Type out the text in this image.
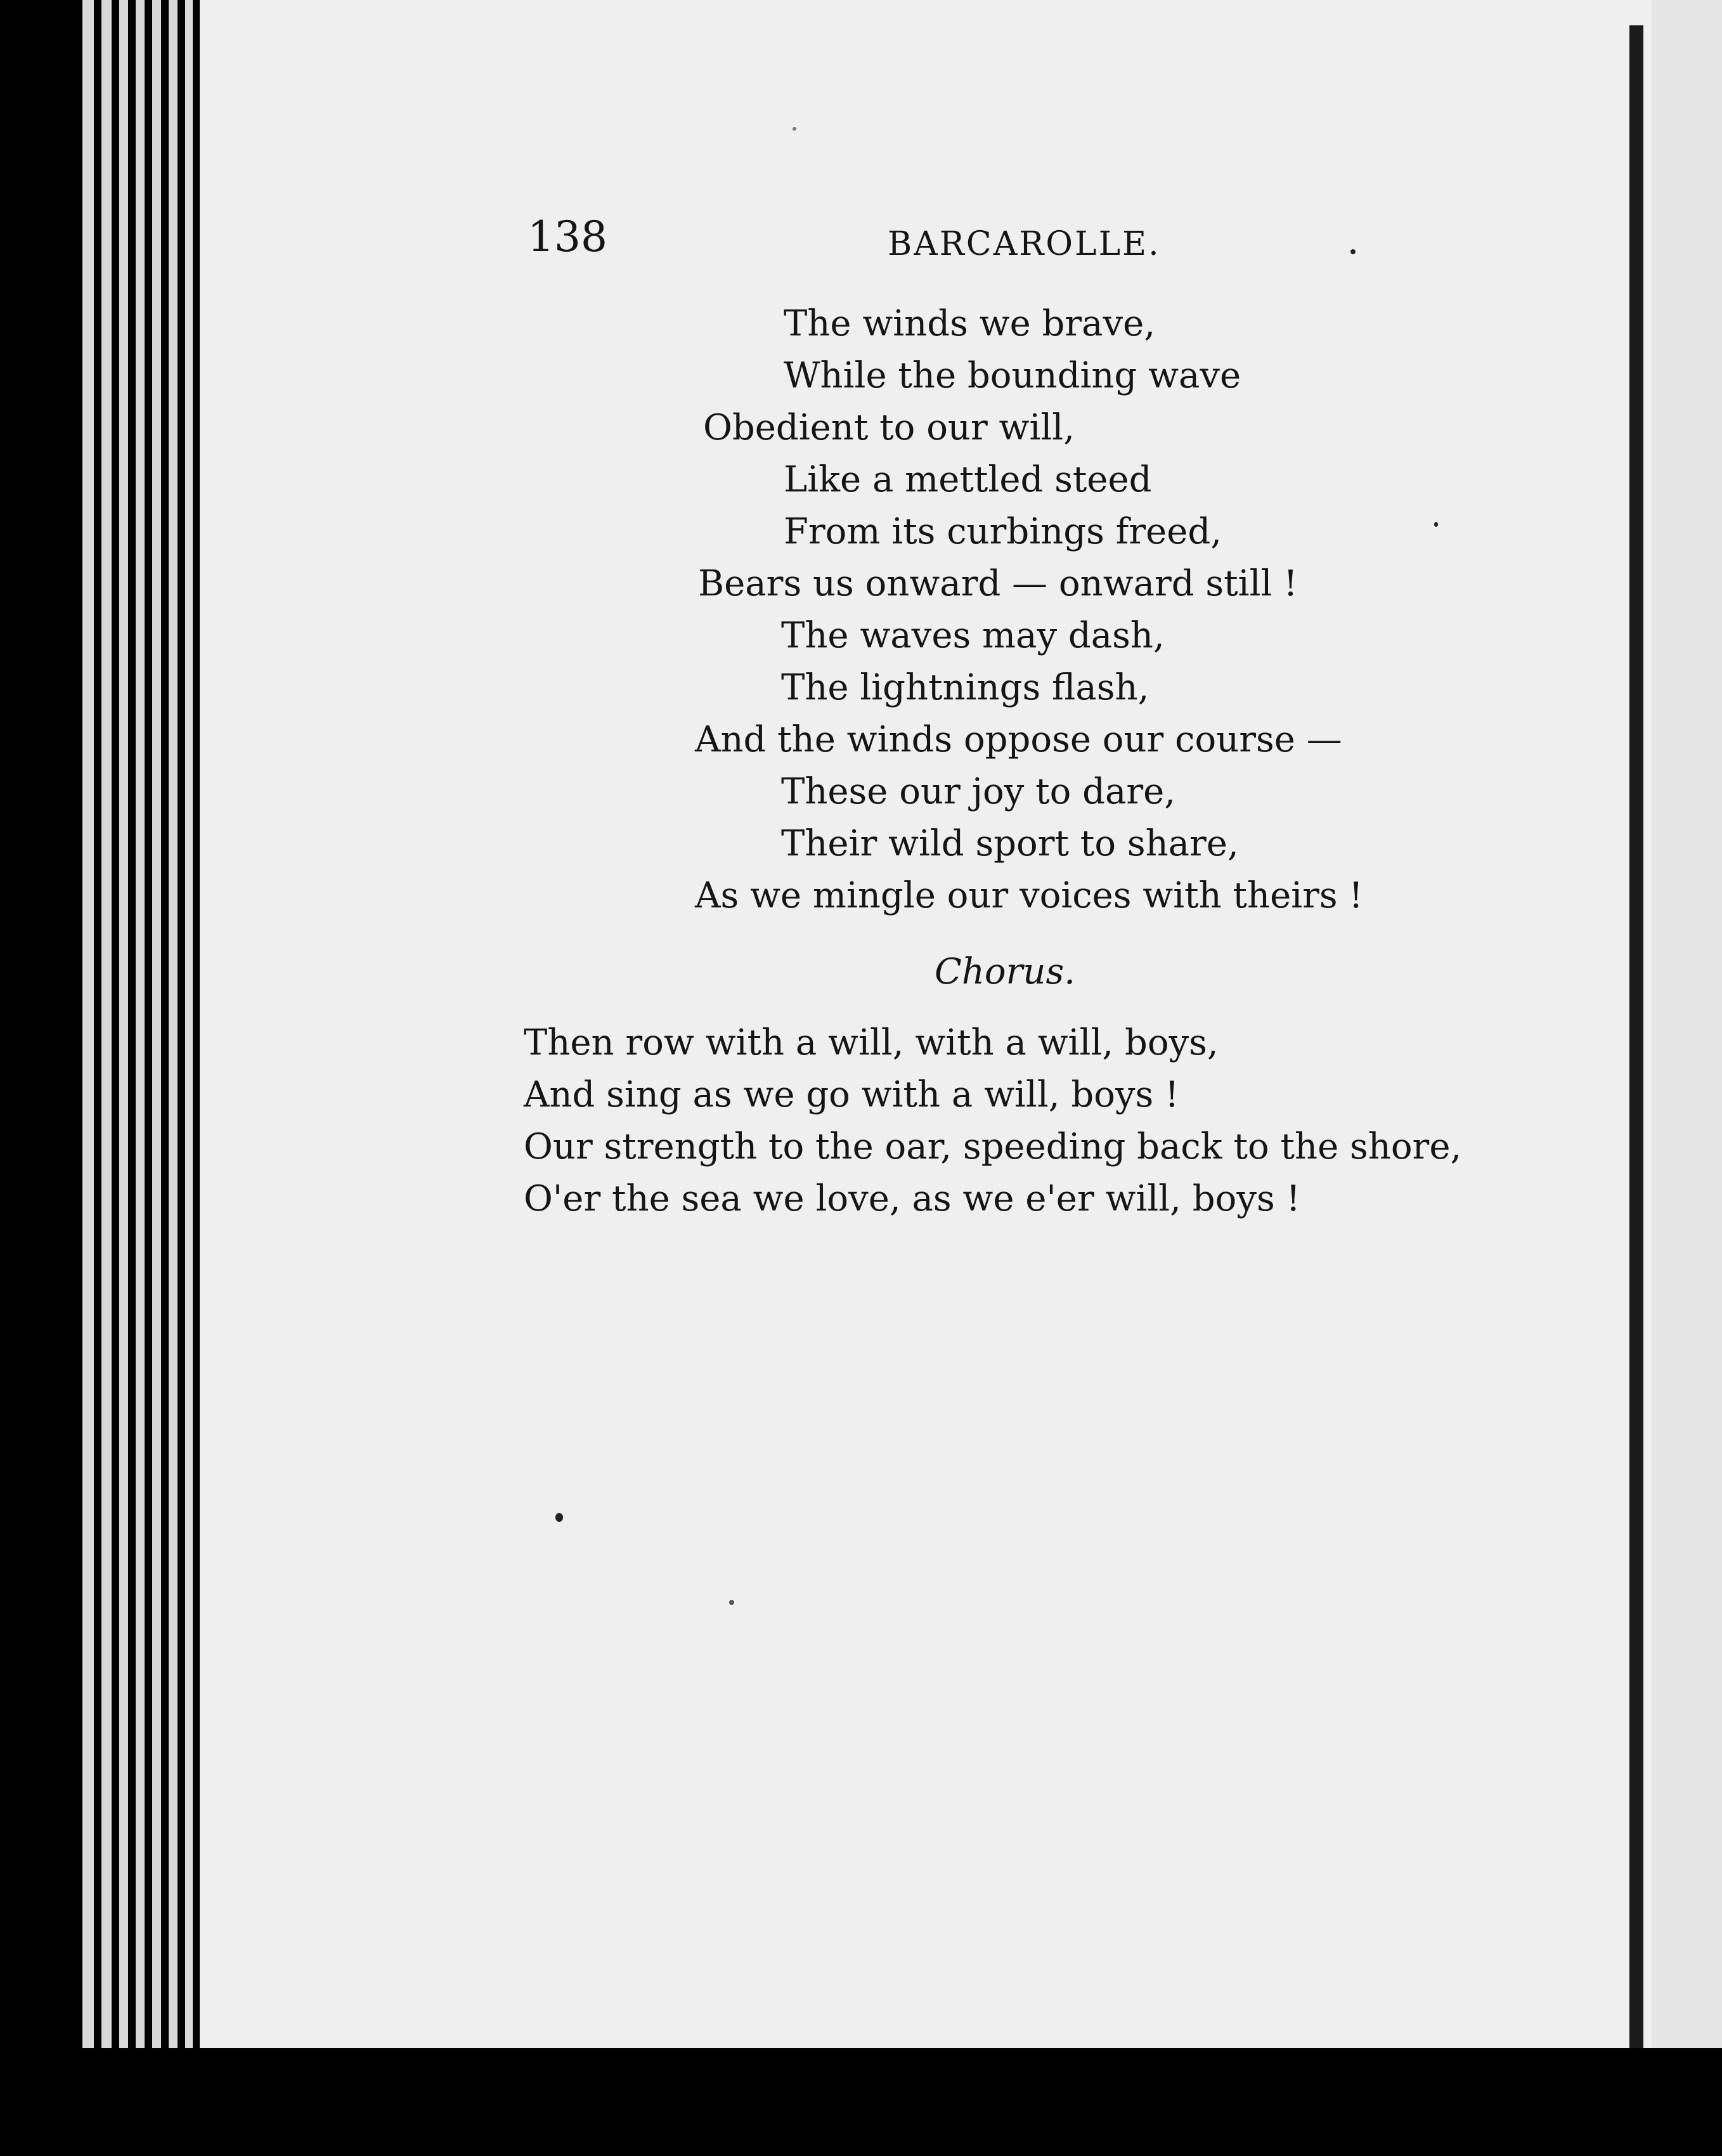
138	BARCAROLLE.
The winds we brave,
While the bounding wave
Obedient to our will,
Like a mettled steed
From its curbings freed,
Bears us onward — onward still !
The waves may dash,
The lightnings flash,
And the winds oppose our course —
These our joy to dare,
Their wild sport to share,
As we mingle our voices with theirs !
Chorus.
Then row with a will, with a will, boys,
And sing as we go with a will, boys !
Our strength to the oar, speeding back to the shore,
O'er the sea we love, as we e'er will, boys !
